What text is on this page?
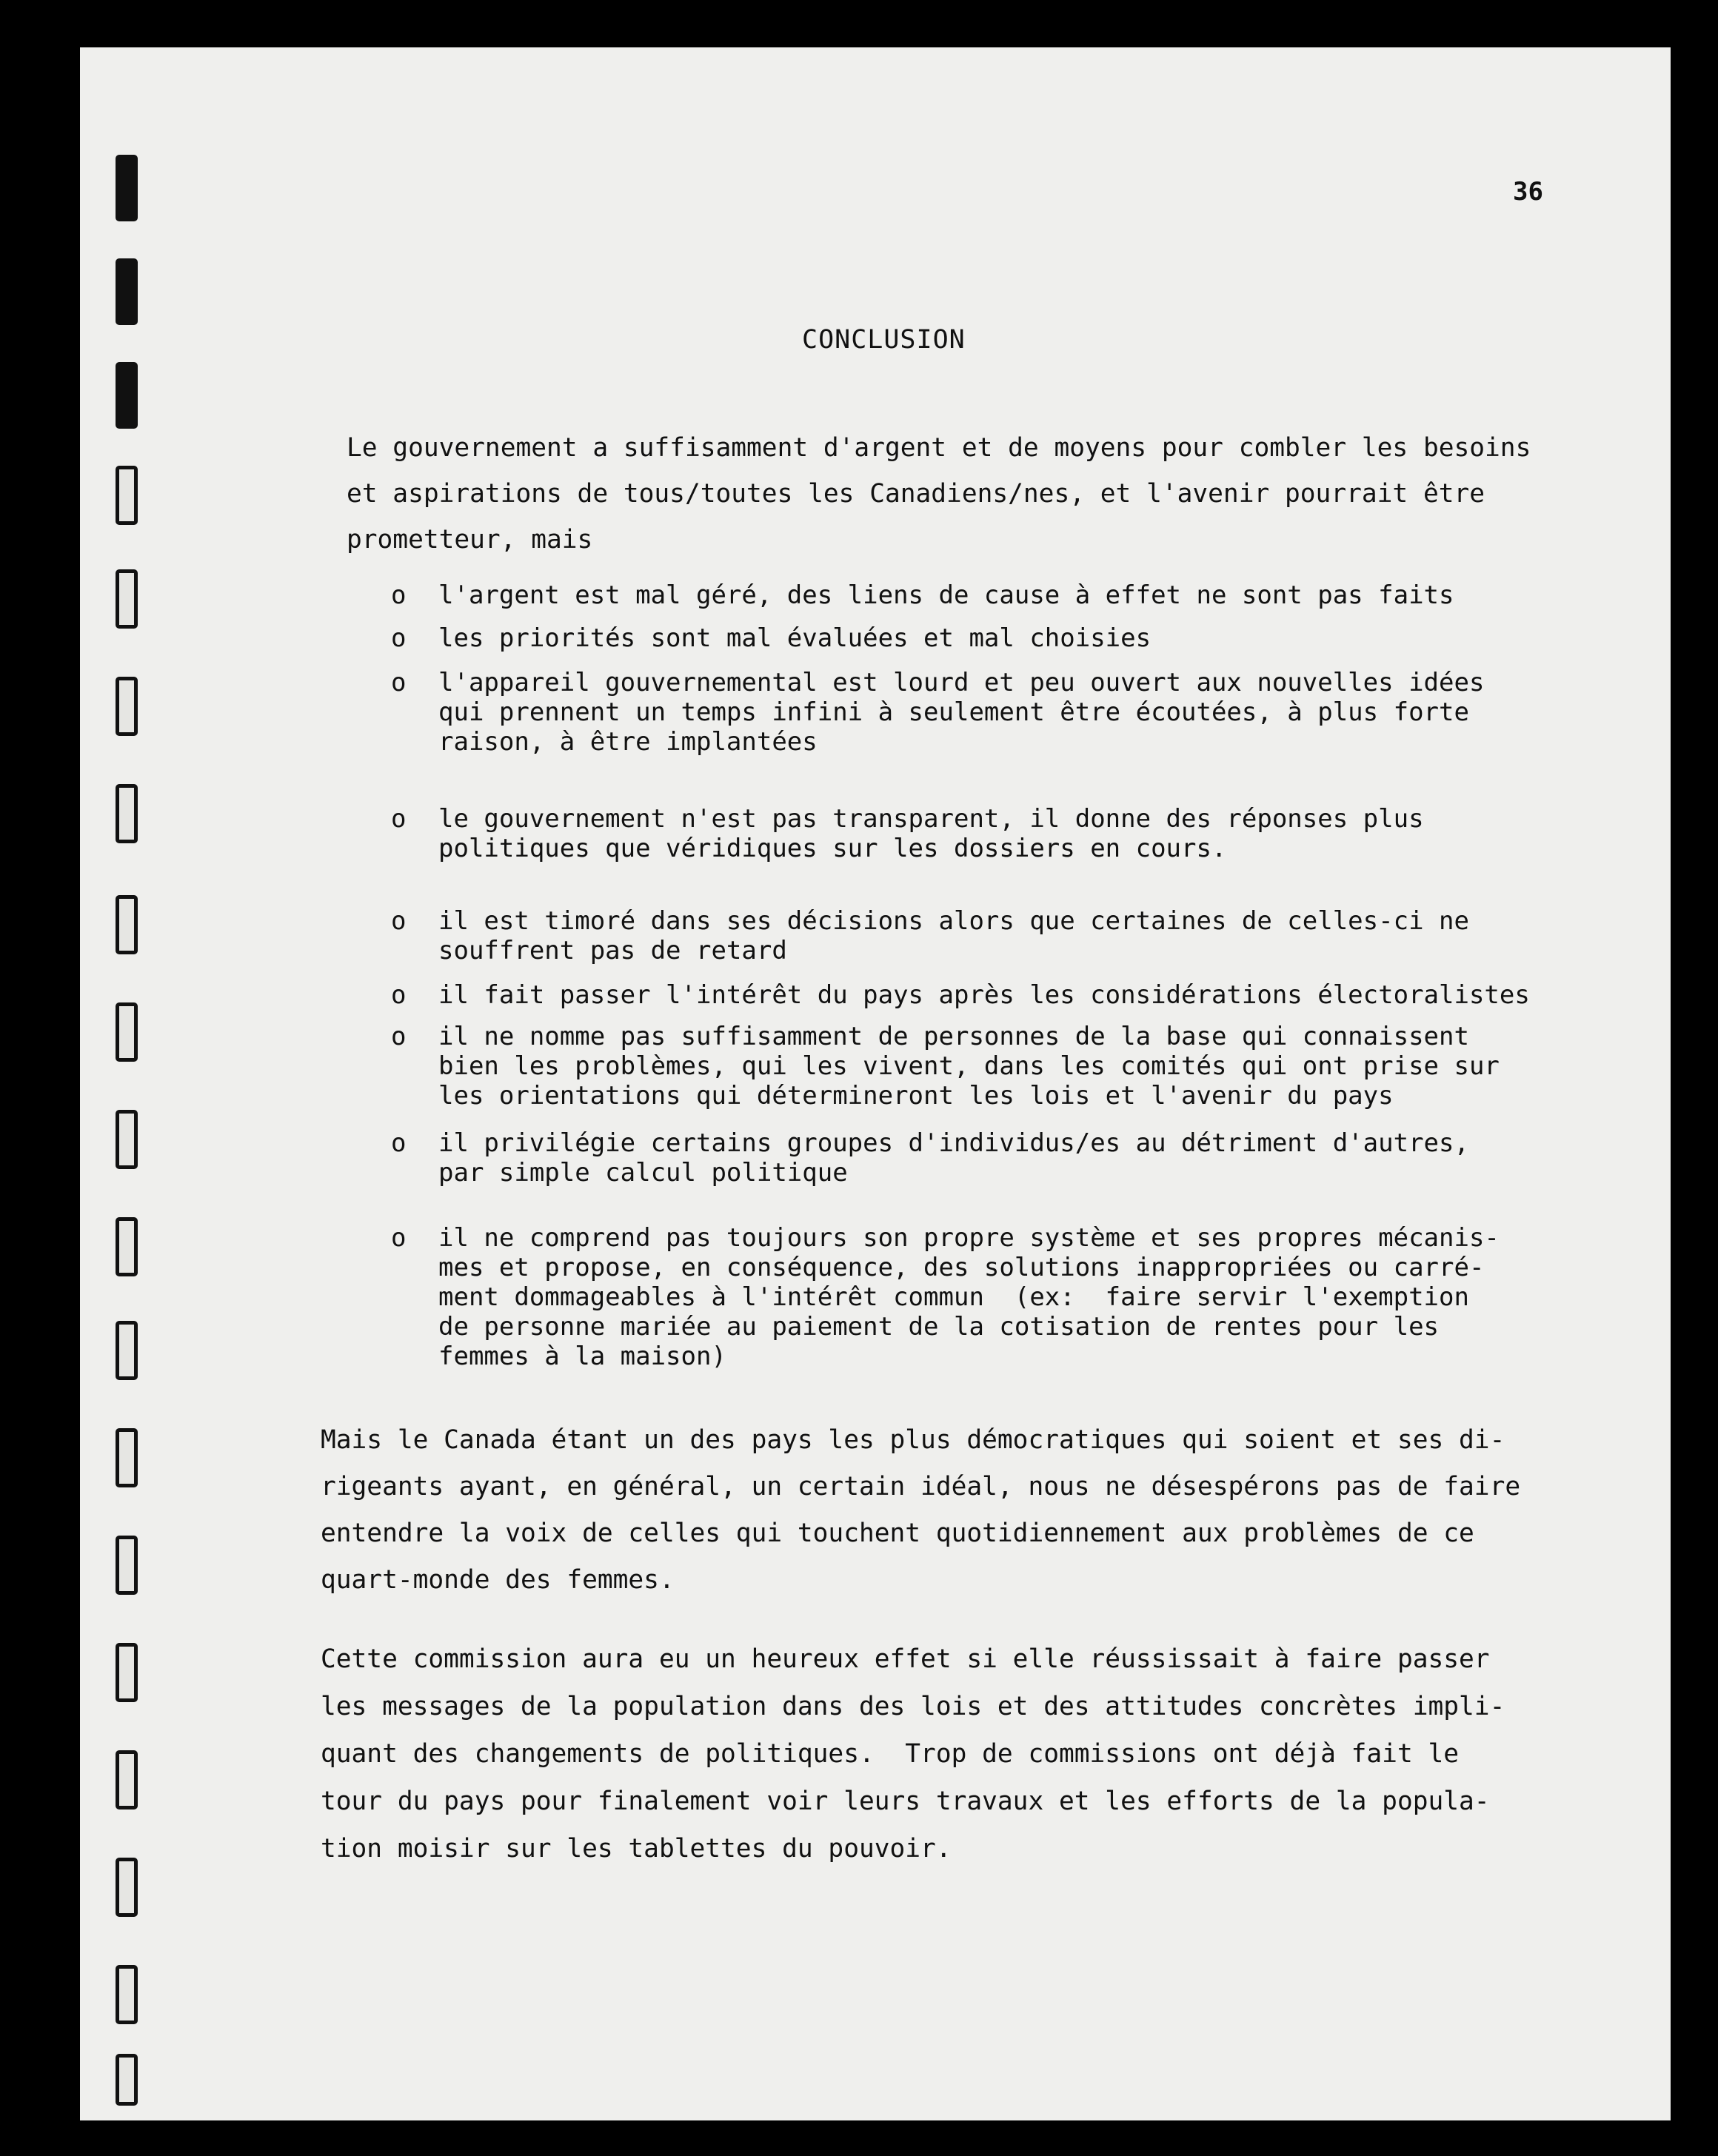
36
CONCLUSION

Le gouvernement a suffisamment d'argent et de moyens pour combler les besoins
et aspirations de tous/toutes les Canadiens/nes, et l'avenir pourrait être
prometteur, mais

o	l'argent est mal géré, des liens de cause à effet ne sont pas faits
o	les priorités sont mal évaluées et mal choisies
o	l'appareil gouvernemental est lourd et peu ouvert aux nouvelles idées
qui prennent un temps infini à seulement être écoutées, à plus forte
raison, à être implantées
o	le gouvernement n'est pas transparent, il donne des réponses plus
politiques que véridiques sur les dossiers en cours.
o	il est timoré dans ses décisions alors que certaines de celles-ci ne
souffrent pas de retard
o	il fait passer l'intérêt du pays après les considérations électoralistes
o	il ne nomme pas suffisamment de personnes de la base qui connaissent
bien les problèmes, qui les vivent, dans les comités qui ont prise sur
les orientations qui détermineront les lois et l'avenir du pays
o	il privilégie certains groupes d'individus/es au détriment d'autres,
par simple calcul politique
o	il ne comprend pas toujours son propre système et ses propres mécanis-
mes et propose, en conséquence, des solutions inappropriées ou carré-
ment dommageables à l'intérêt commun  (ex:  faire servir l'exemption
de personne mariée au paiement de la cotisation de rentes pour les
femmes à la maison)

Mais le Canada étant un des pays les plus démocratiques qui soient et ses di-
rigeants ayant, en général, un certain idéal, nous ne désespérons pas de faire
entendre la voix de celles qui touchent quotidiennement aux problèmes de ce
quart-monde des femmes.

Cette commission aura eu un heureux effet si elle réussissait à faire passer
les messages de la population dans des lois et des attitudes concrètes impli-
quant des changements de politiques.  Trop de commissions ont déjà fait le
tour du pays pour finalement voir leurs travaux et les efforts de la popula-
tion moisir sur les tablettes du pouvoir.
